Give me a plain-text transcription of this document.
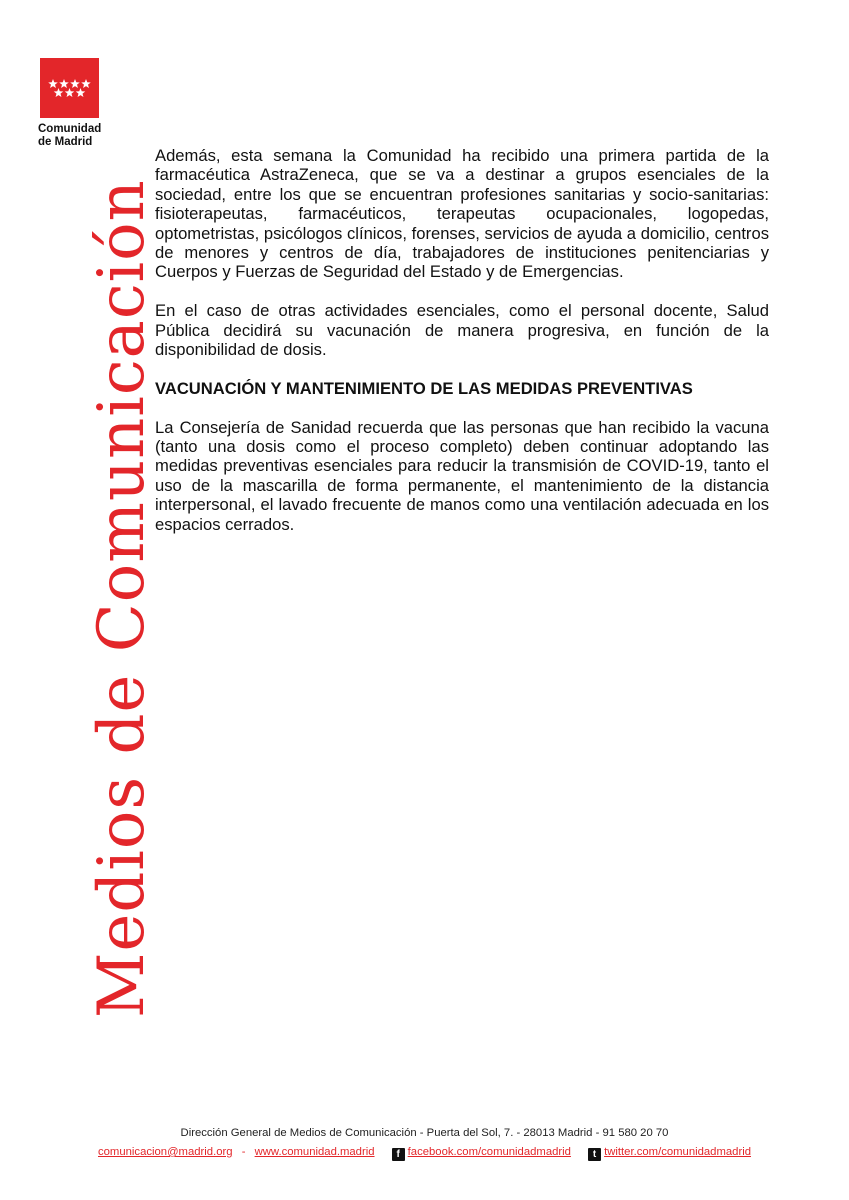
Comunidad
de Madrid
Medios de Comunicación

Además, esta semana la Comunidad ha recibido una primera partida de la farmacéutica AstraZeneca, que se va a destinar a grupos esenciales de la sociedad, entre los que se encuentran profesiones sanitarias y socio-sanitarias: fisioterapeutas, farmacéuticos, terapeutas ocupacionales, logopedas, optometristas, psicólogos clínicos, forenses, servicios de ayuda a domicilio, centros de menores y centros de día, trabajadores de instituciones penitenciarias y Cuerpos y Fuerzas de Seguridad del Estado y de Emergencias.

En el caso de otras actividades esenciales, como el personal docente, Salud Pública decidirá su vacunación de manera progresiva, en función de la disponibilidad de dosis.

VACUNACIÓN Y MANTENIMIENTO DE LAS MEDIDAS PREVENTIVAS

La Consejería de Sanidad recuerda que las personas que han recibido la vacuna (tanto una dosis como el proceso completo) deben continuar adoptando las medidas preventivas esenciales para reducir la transmisión de COVID-19, tanto el uso de la mascarilla de forma permanente, el mantenimiento de la distancia interpersonal, el lavado frecuente de manos como una ventilación adecuada en los espacios cerrados.

Dirección General de Medios de Comunicación - Puerta del Sol, 7. - 28013 Madrid - 91 580 20 70
comunicacion@madrid.org - www.comunidad.madrid f facebook.com/comunidadmadrid t twitter.com/comunidadmadrid
